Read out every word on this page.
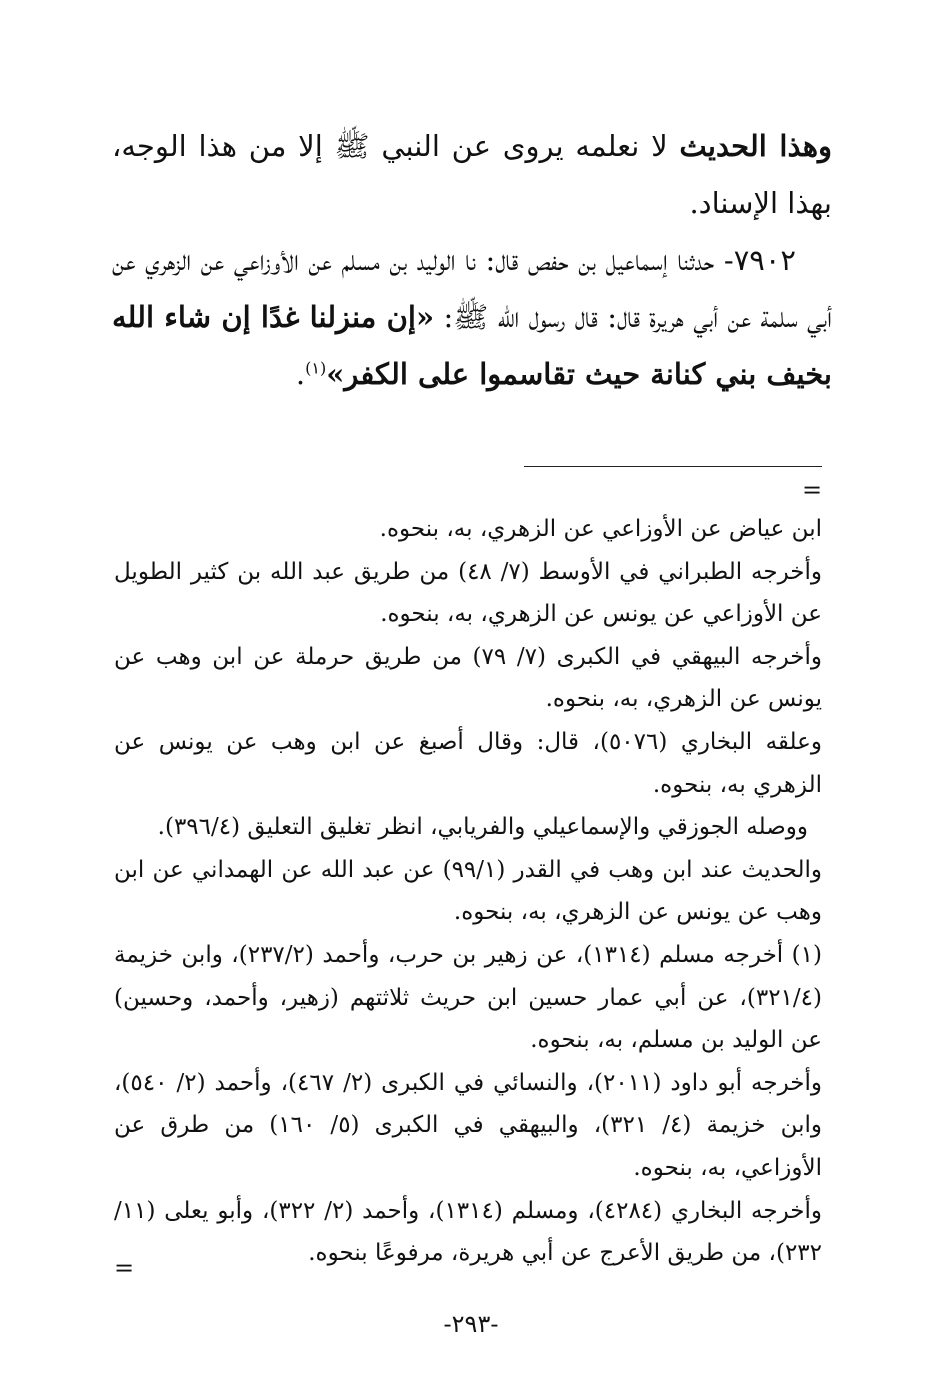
وهذا الحديث لا نعلمه يروى عن النبي ﷺ إلا من هذا الوجه، بهذا الإسناد.

٧٩٠٢- حدثنا إسماعيل بن حفص قال: نا الوليد بن مسلم عن الأوزاعي عن الزهري عن أبي سلمة عن أبي هريرة قال: قال رسول الله ﷺ: «إن منزلنا غدًا إن شاء الله بخيف بني كنانة حيث تقاسموا على الكفر»$^{(١)}$.

=

ابن عياض عن الأوزاعي عن الزهري، به، بنحوه.

وأخرجه الطبراني في الأوسط (٧/ ٤٨) من طريق عبد الله بن كثير الطويل عن الأوزاعي عن يونس عن الزهري، به، بنحوه.

وأخرجه البيهقي في الكبرى (٧/ ٧٩) من طريق حرملة عن ابن وهب عن يونس عن الزهري، به، بنحوه.

وعلقه البخاري (٥٠٧٦)، قال: وقال أصبغ عن ابن وهب عن يونس عن الزهري به، بنحوه.

ووصله الجوزقي والإسماعيلي والفريابي، انظر تغليق التعليق (٣٩٦/٤).

والحديث عند ابن وهب في القدر (٩٩/١) عن عبد الله عن الهمداني عن ابن وهب عن يونس عن الزهري، به، بنحوه.

(١) أخرجه مسلم (١٣١٤)، عن زهير بن حرب، وأحمد (٢٣٧/٢)، وابن خزيمة (٣٢١/٤)، عن أبي عمار حسين ابن حريث ثلاثتهم (زهير، وأحمد، وحسين) عن الوليد بن مسلم، به، بنحوه.

وأخرجه أبو داود (٢٠١١)، والنسائي في الكبرى (٢/ ٤٦٧)، وأحمد (٢/ ٥٤٠)، وابن خزيمة (٤/ ٣٢١)، والبيهقي في الكبرى (٥/ ١٦٠) من طرق عن الأوزاعي، به، بنحوه.

وأخرجه البخاري (٤٢٨٤)، ومسلم (١٣١٤)، وأحمد (٢/ ٣٢٢)، وأبو يعلى (١١/ ٢٣٢)، من طريق الأعرج عن أبي هريرة، مرفوعًا بنحوه.

=
-٢٩٣-
